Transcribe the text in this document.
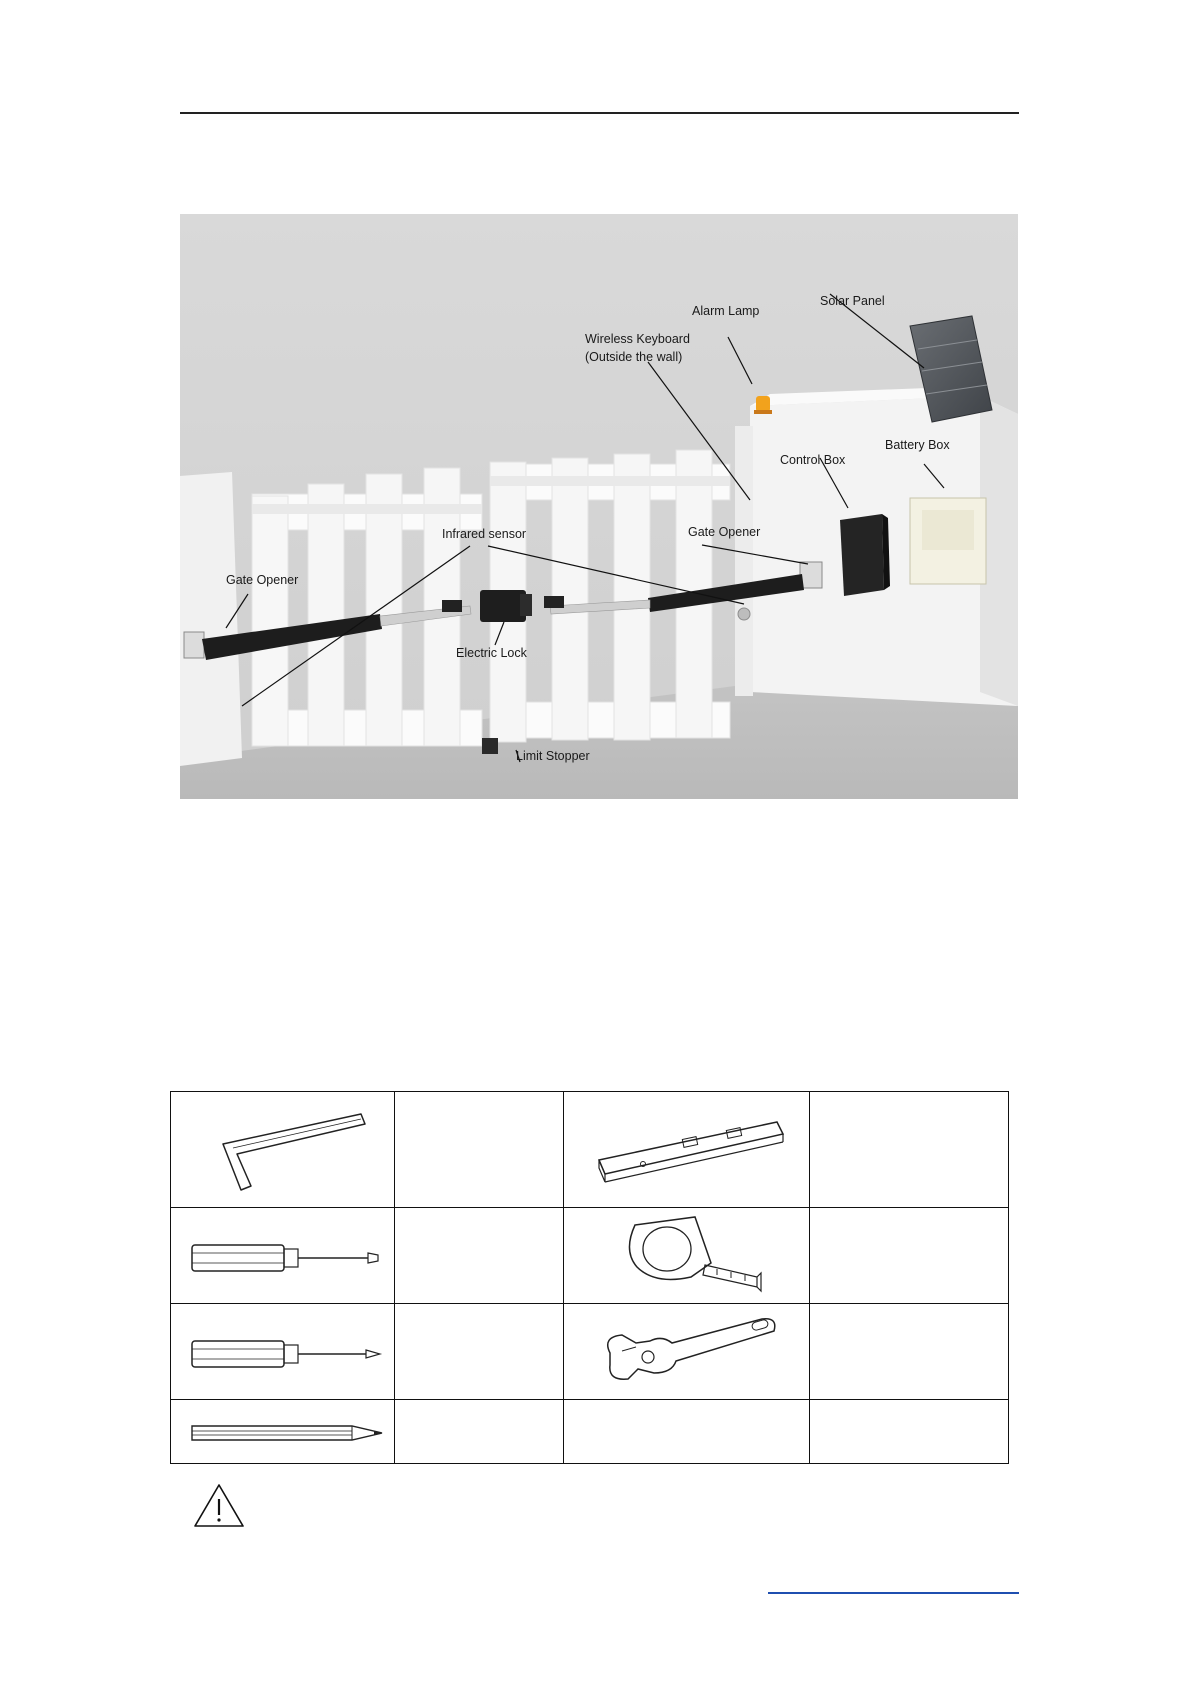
Alarm Lamp
Solar Panel
Wireless Keyboard
(Outside the wall)
Control Box
Battery Box
Infrared sensor	Gate Opener
Gate Opener
Electric Lock
Limit Stopper
